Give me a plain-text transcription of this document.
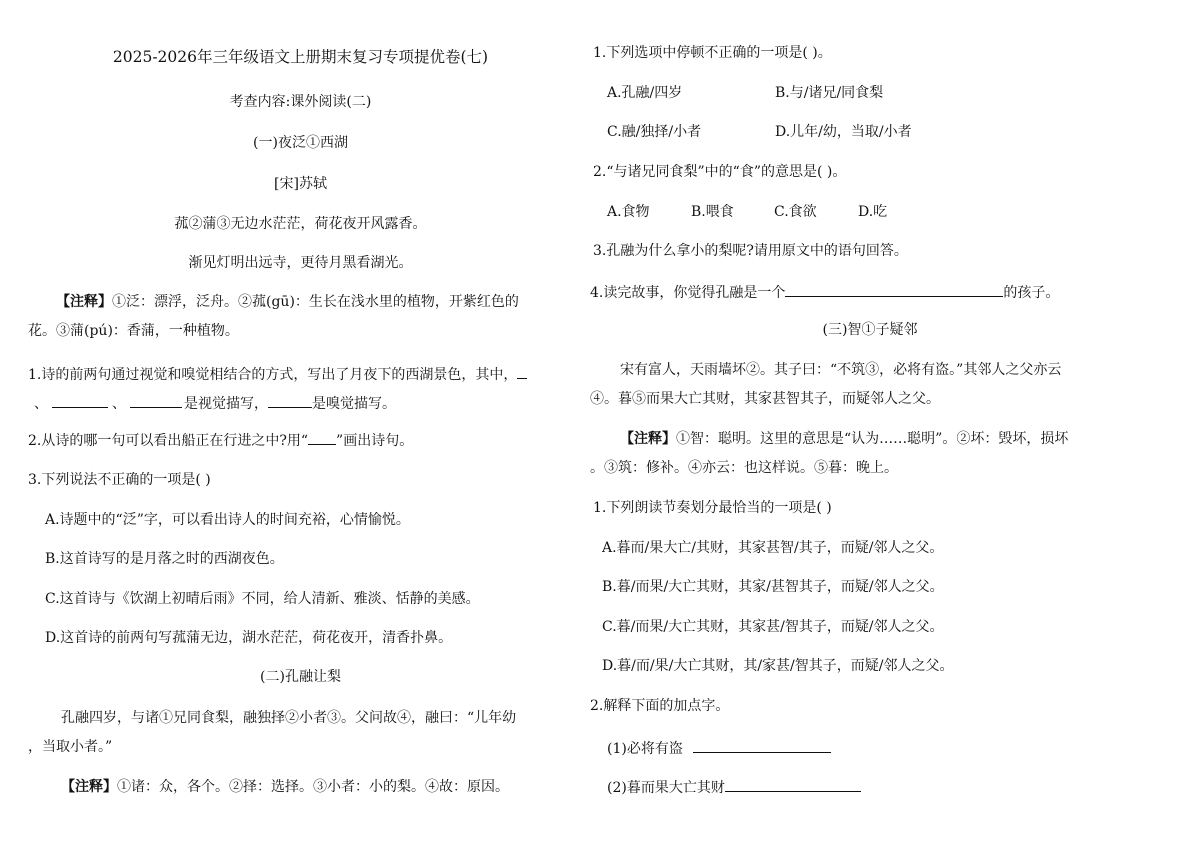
2025-2026年三年级语文上册期末复习专项提优卷(七)
考查内容:课外阅读(二)
(一)夜泛①西湖
[宋]苏轼
菰②蒲③无边水茫茫，荷花夜开风露香。
渐见灯明出远寺，更待月黑看湖光。
【注释】①泛：漂浮，泛舟。②菰(gū)：生长在浅水里的植物，开紫红色的
花。③蒲(pú)：香蒲，一种植物。
1.诗的前两句通过视觉和嗅觉相结合的方式，写出了月夜下的西湖景色，其中，
、	、	是视觉描写，	是嗅觉描写。
2.从诗的哪一句可以看出船正在行进之中?用“ ”画出诗句。
3.下列说法不正确的一项是( )
A.诗题中的“泛”字，可以看出诗人的时间充裕，心情愉悦。
B.这首诗写的是月落之时的西湖夜色。
C.这首诗与《饮湖上初晴后雨》不同，给人清新、雅淡、恬静的美感。
D.这首诗的前两句写菰蒲无边，湖水茫茫，荷花夜开，清香扑鼻。
(二)孔融让梨
孔融四岁，与诸①兄同食梨，融独择②小者③。父问故④，融曰：“儿年幼
，当取小者。”
【注释】①诸：众，各个。②择：选择。③小者：小的梨。④故：原因。
1.下列选项中停顿不正确的一项是( )。
A.孔融/四岁	B.与/诸兄/同食梨
C.融/独择/小者	D.儿年/幼，当取/小者
2.“与诸兄同食梨”中的“食”的意思是( )。
A.食物	B.喂食	C.食欲	D.吃
3.孔融为什么拿小的梨呢?请用原文中的语句回答。
4.读完故事，你觉得孔融是一个	的孩子。
(三)智①子疑邻
宋有富人，天雨墙坏②。其子曰：“不筑③，必将有盗。”其邻人之父亦云
④。暮⑤而果大亡其财，其家甚智其子，而疑邻人之父。
【注释】①智：聪明。这里的意思是“认为……聪明”。②坏：毁坏，损坏
。③筑：修补。④亦云：也这样说。⑤暮：晚上。
1.下列朗读节奏划分最恰当的一项是( )
A.暮而/果大亡/其财，其家甚智/其子，而疑/邻人之父。
B.暮/而果/大亡其财，其家/甚智其子，而疑/邻人之父。
C.暮/而果/大亡其财，其家甚/智其子，而疑/邻人之父。
D.暮/而/果/大亡其财，其/家甚/智其子，而疑/邻人之父。
2.解释下面的加点字。
(1)必将有盗
(2)暮而果大亡其财
